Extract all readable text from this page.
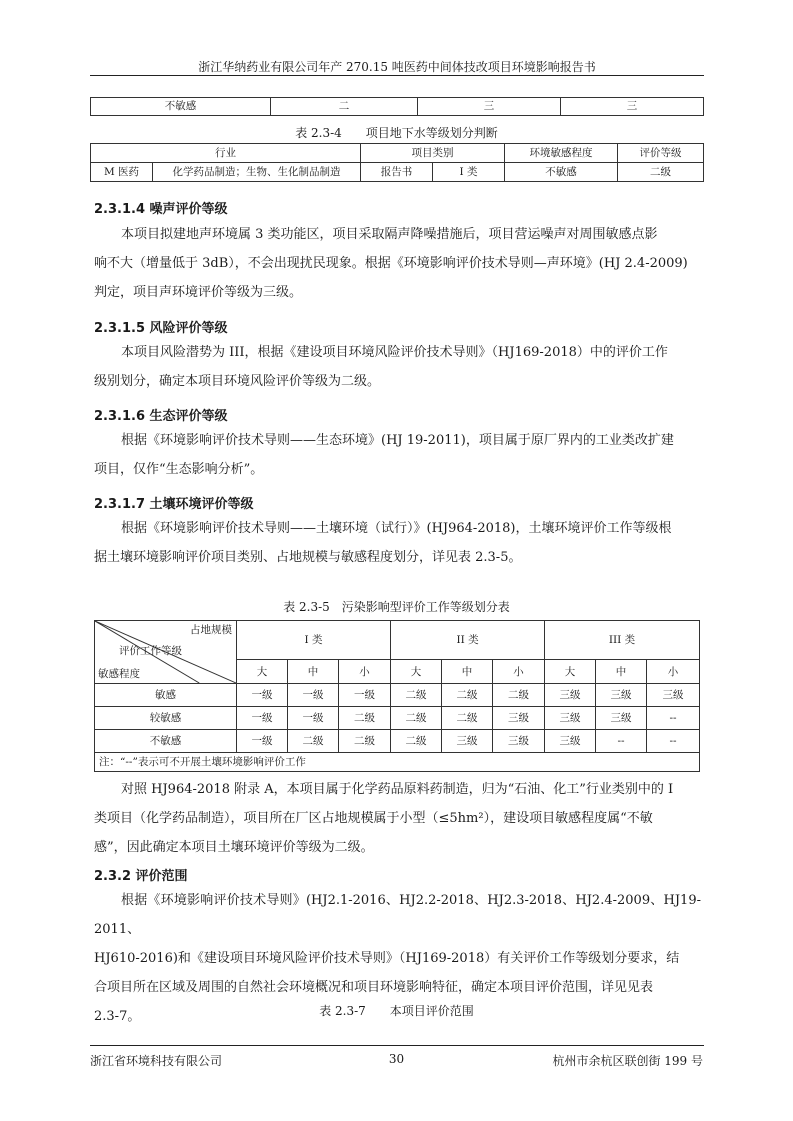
浙江华纳药业有限公司年产 270.15 吨医药中间体技改项目环境影响报告书
不敏感	二	三	三
表 2.3-4　　项目地下水等级划分判断
行业		项目类别		环境敏感程度	评价等级
M 医药	化学药品制造；生物、生化制品制造	报告书	I 类	不敏感	二级
2.3.1.4 噪声评价等级
本项目拟建地声环境属 3 类功能区，项目采取隔声降噪措施后，项目营运噪声对周围敏感点影
响不大（增量低于 3dB），不会出现扰民现象。根据《环境影响评价技术导则—声环境》(HJ 2.4-2009)
判定，项目声环境评价等级为三级。
2.3.1.5 风险评价等级
本项目风险潜势为 III，根据《建设项目环境风险评价技术导则》（HJ169-2018）中的评价工作
级别划分，确定本项目环境风险评价等级为二级。
2.3.1.6 生态评价等级
根据《环境影响评价技术导则——生态环境》(HJ 19-2011)，项目属于原厂界内的工业类改扩建
项目，仅作“生态影响分析”。
2.3.1.7 土壤环境评价等级
根据《环境影响评价技术导则——土壤环境（试行）》(HJ964-2018)，土壤环境评价工作等级根
据土壤环境影响评价项目类别、占地规模与敏感程度划分，详见表 2.3-5。
表 2.3-5　污染影响型评价工作等级划分表
占地规模
评价工作等级
敏感程度	I 类			II 类			III 类		
	大	中	小	大	中	小	大	中	小
敏感	一级	一级	一级	二级	二级	二级	三级	三级	三级
较敏感	一级	一级	二级	二级	二级	三级	三级	三级	--
不敏感	一级	二级	二级	二级	三级	三级	三级	--	--
注：“--”表示可不开展土壤环境影响评价工作									
对照 HJ964-2018 附录 A，本项目属于化学药品原料药制造，归为“石油、化工”行业类别中的 I
类项目（化学药品制造），项目所在厂区占地规模属于小型（≤5hm²），建设项目敏感程度属“不敏
感”，因此确定本项目土壤环境评价等级为二级。
2.3.2 评价范围
根据《环境影响评价技术导则》(HJ2.1-2016、HJ2.2-2018、HJ2.3-2018、HJ2.4-2009、HJ19-2011、
HJ610-2016)和《建设项目环境风险评价技术导则》（HJ169-2018）有关评价工作等级划分要求，结
合项目所在区域及周围的自然社会环境概况和项目环境影响特征，确定本项目评价范围，详见见表
2.3-7。	表 2.3-7　　本项目评价范围
浙江省环境科技有限公司	30	杭州市余杭区联创街 199 号
